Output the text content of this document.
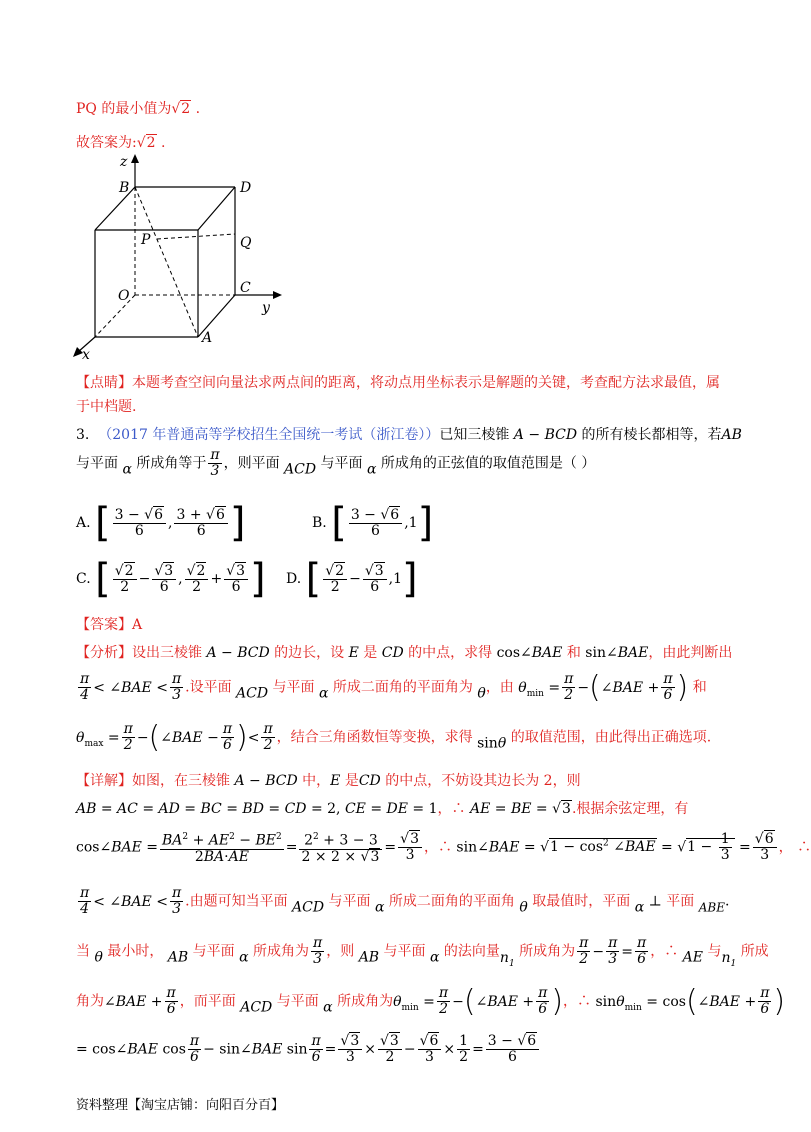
PQ 的最小值为√2 .
故答案为:√2 .
z
B	D
P	Q
O	C
y
A
x
【点睛】本题考查空间向量法求两点间的距离，将动点用坐标表示是解题的关键，考查配方法求最值，属
于中档题.
3. （2017 年普通高等学校招生全国统一考试（浙江卷））已知三棱锥 A − BCD 的所有棱长都相等，若AB
与平面 α 所成角等于 $\frac{\pi}{3}$ ，则平面 ACD 与平面 α 所成角的正弦值的取值范围是（ ）
A. [ $\frac{3 - √6}{6}$ , $\frac{3 + √6}{6}$ ]	B. [ $\frac{3 - √6}{6} ,1$]
C. [ $\frac{√2}{2} - \frac{√3}{6}$ , $\frac{√2}{2} + \frac{√3}{6}$ ] D. [ $\frac{√2}{2} - \frac{√3}{6} ,1$]
【答案】A
【分析】设出三棱锥 A − BCD 的边长，设 E 是 CD 的中点，求得 cos∠BAE 和 sin∠BAE，由此判断出
$\frac{\pi}{4}$ < ∠BAE < $\frac{\pi}{3}$ .设平面 ACD 与平面 α 所成二面角的平面角为 θ，由 $\theta_{min} = \frac{\pi}{2}$ −(∠BAE + $\frac{\pi}{6}$ ) 和
$\theta_{max} = \frac{\pi}{2}$ −(∠BAE − $\frac{\pi}{6}$ )< $\frac{\pi}{2}$ ，结合三角函数恒等变换，求得 sinθ 的取值范围，由此得出正确选项.
【详解】如图，在三棱锥 A − BCD 中，E 是CD 的中点，不妨设其边长为 2，则
AB = AC = AD = BC = BD = CD = 2, CE = DE = 1，∴ AE = BE = √3.根据余弦定理，有
cos∠BAE = $\frac{BA^2 + AE^2 - BE^2}{2BA\cdot AE} = \frac{2^2 + 3 - 3}{2 \times 2 \times √3} = \frac{√3}{3}$ ，∴ sin∠BAE = $√1 - \cos^2$ ∠BAE = $√1 - \frac{1}{3} = \frac{√6}{3}$ ， ∴
$\frac{\pi}{4}$ < ∠BAE < $\frac{\pi}{3}$ .由题可知当平面 ACD 与平面 α 所成二面角的平面角 θ 取最值时，平面 α ⊥ 平面 ABE.
当 θ 最小时， AB 与平面 α 所成角为 $\frac{\pi}{3}$ ，则 AB 与平面 α 的法向量$n_1$ 所成角为 $\frac{\pi}{2} - \frac{\pi}{3} = \frac{\pi}{6}$ ，∴ AE 与$n_1$ 所成
角为∠BAE + $\frac{\pi}{6}$ ，而平面 ACD 与平面 α 所成角为$\theta_{min} = \frac{\pi}{2}$ −(∠BAE + $\frac{\pi}{6}$ )，∴ sinθ$_{min}$ = cos(∠BAE + $\frac{\pi}{6}$ )
= cos∠BAE $\cos \frac{\pi}{6}$ − sin∠BAE $\sin \frac{\pi}{6} = \frac{√3}{3} \times \frac{√3}{2} - \frac{√6}{3} \times \frac{1}{2} = \frac{3 - √6}{6}$
资料整理【淘宝店铺：向阳百分百】
